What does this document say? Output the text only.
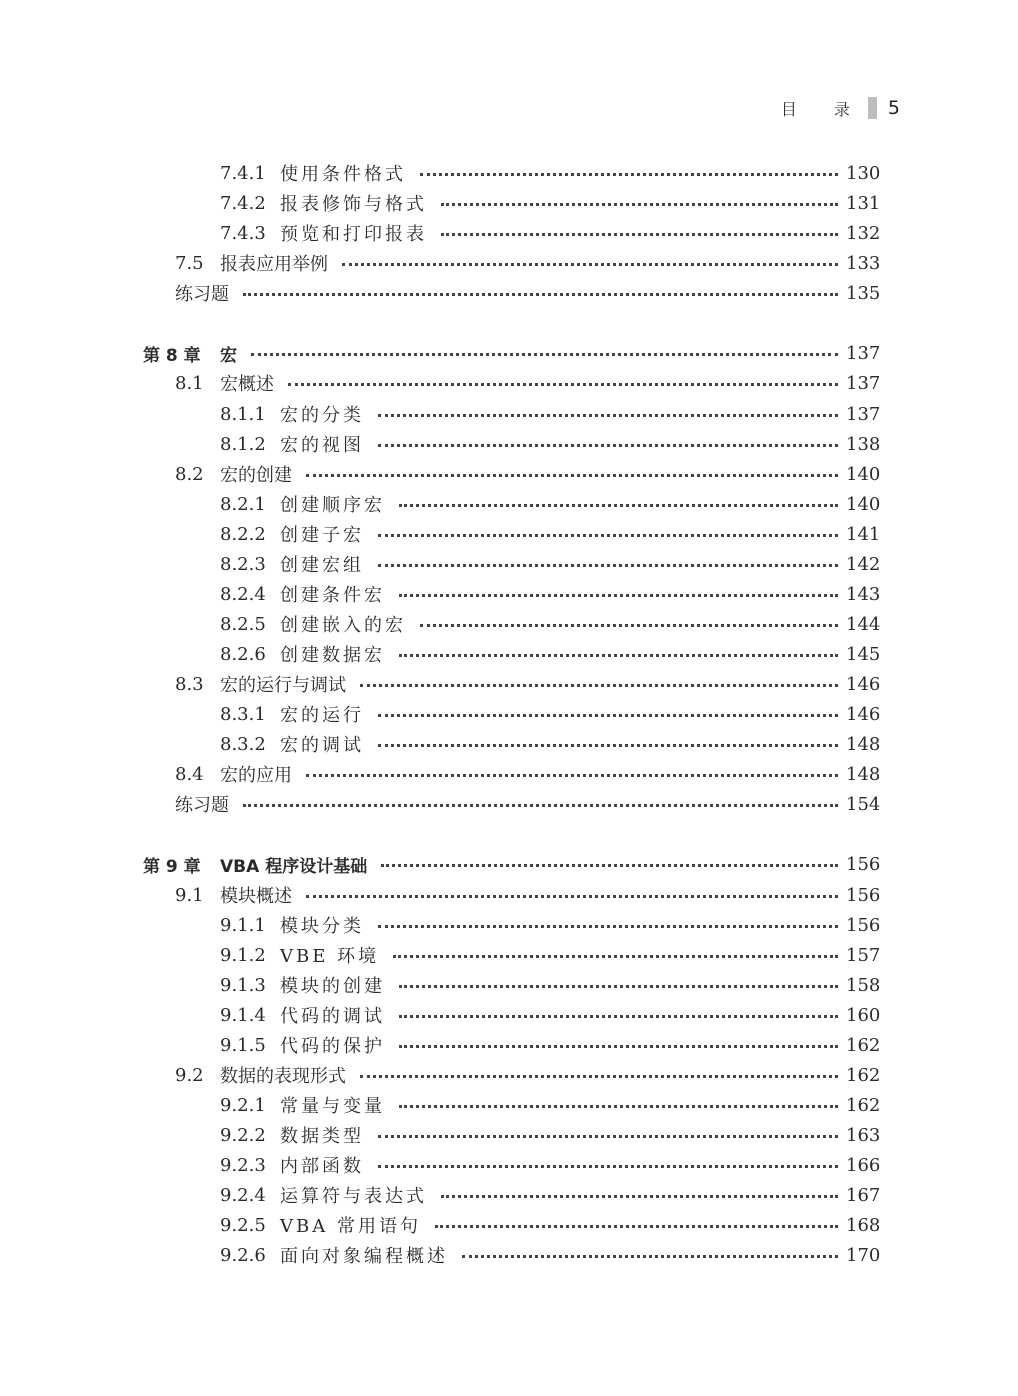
目 录 5
7.4.1 使用条件格式	130
7.4.2 报表修饰与格式	131
7.4.3 预览和打印报表	132
7.5 报表应用举例	133
练习题	135
第 8 章 宏	137
8.1 宏概述	137
8.1.1 宏的分类	137
8.1.2 宏的视图	138
8.2 宏的创建	140
8.2.1 创建顺序宏	140
8.2.2 创建子宏	141
8.2.3 创建宏组	142
8.2.4 创建条件宏	143
8.2.5 创建嵌入的宏	144
8.2.6 创建数据宏	145
8.3 宏的运行与调试	146
8.3.1 宏的运行	146
8.3.2 宏的调试	148
8.4 宏的应用	148
练习题	154
第 9 章 VBA 程序设计基础	156
9.1 模块概述	156
9.1.1 模块分类	156
9.1.2 VBE 环境	157
9.1.3 模块的创建	158
9.1.4 代码的调试	160
9.1.5 代码的保护	162
9.2 数据的表现形式	162
9.2.1 常量与变量	162
9.2.2 数据类型	163
9.2.3 内部函数	166
9.2.4 运算符与表达式	167
9.2.5 VBA 常用语句	168
9.2.6 面向对象编程概述	170
